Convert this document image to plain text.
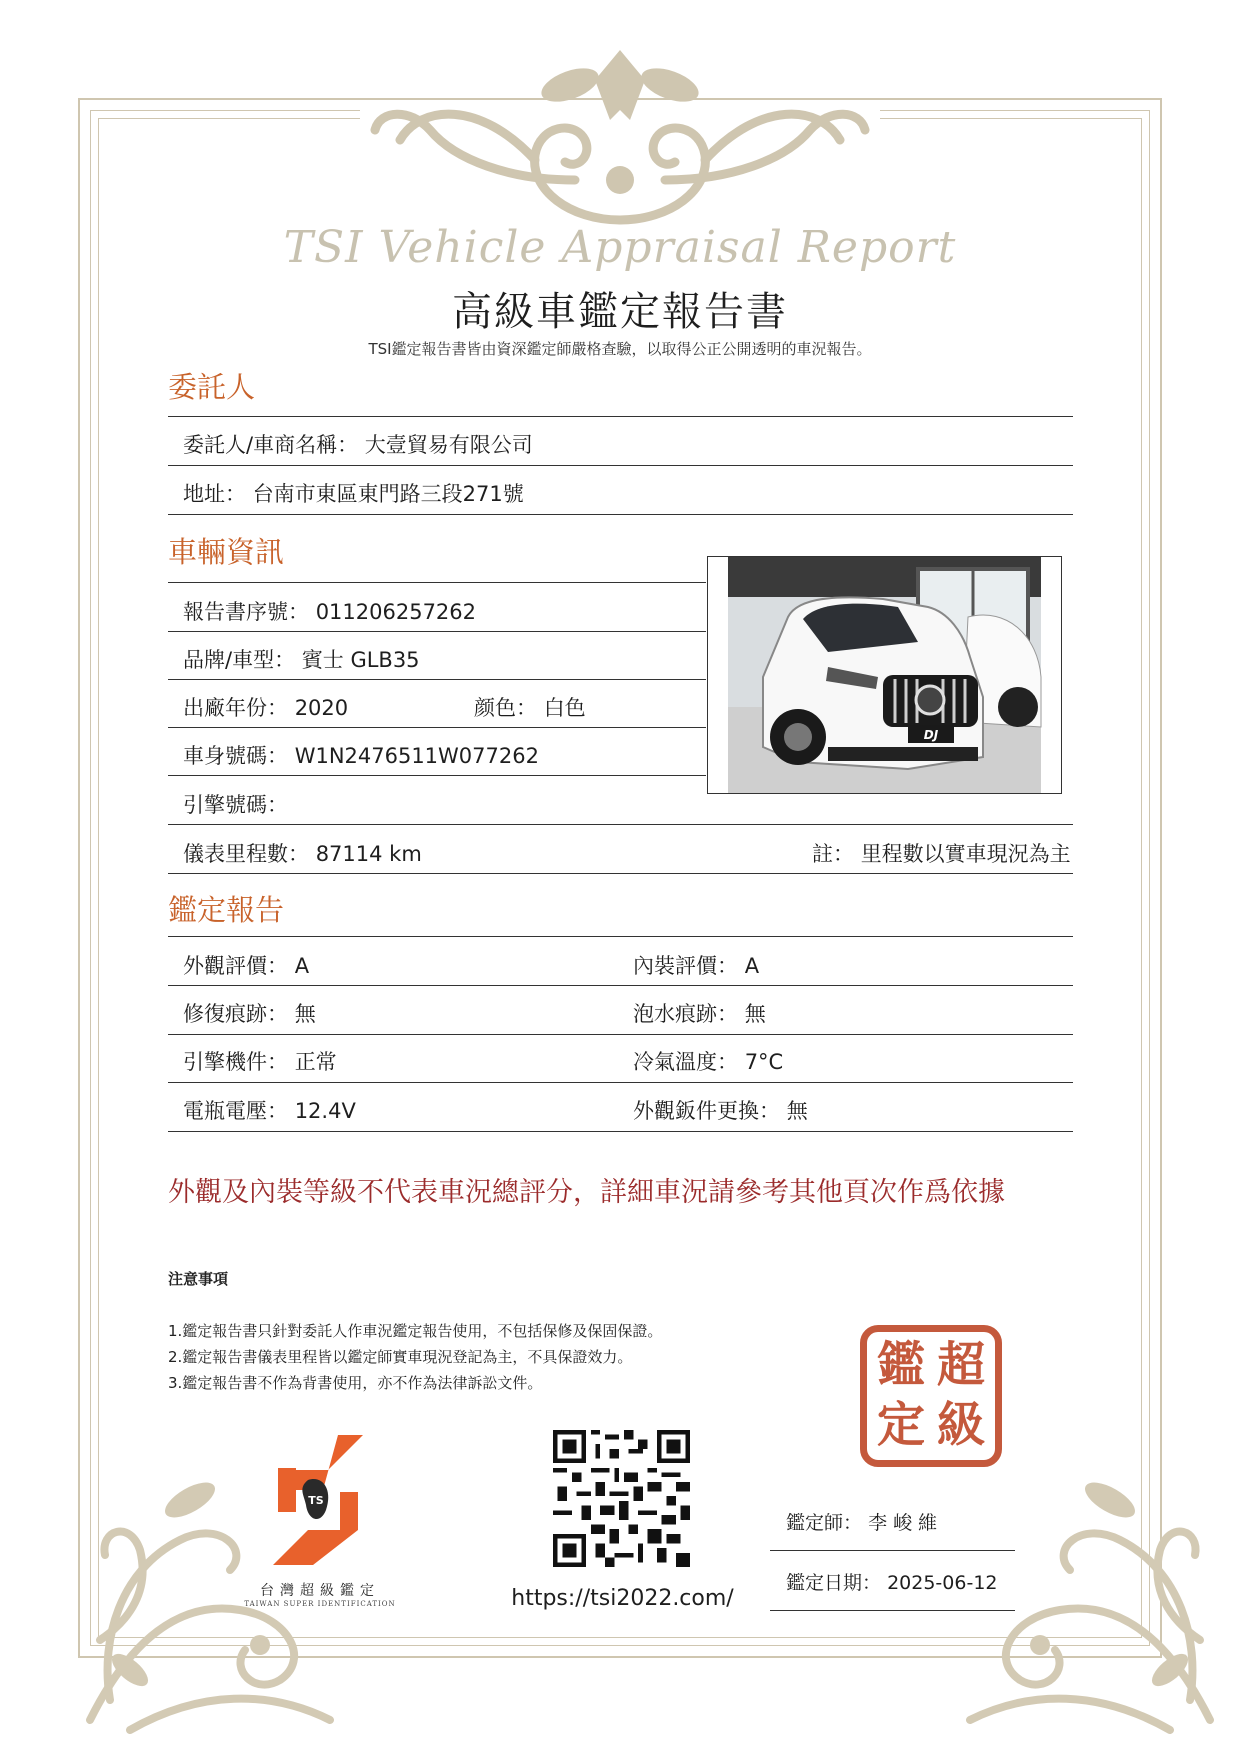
TSI Vehicle Appraisal Report
高級車鑑定報告書
TSI鑑定報告書皆由資深鑑定師嚴格查驗，以取得公正公開透明的車況報告。
委託人
委託人/車商名稱 ： 大壹貿易有限公司
地址 ： 台南市東區東門路三段271號
車輛資訊
報告書序號 ： 011206257262
品牌/車型 ： 賓士 GLB35
出廠年份 ： 2020	颜色 ： 白色
車身號碼 ： W1N2476511W077262
引擎號碼 ：
儀表里程數 ： 87114 km	註 ： 里程數以實車現況為主
DJ
鑑定報告
外觀評價 ： A	內裝評價 ： A
修復痕跡 ： 無	泡水痕跡 ： 無
引擎機件 ： 正常	冷氣溫度 ： 7°C
電瓶電壓 ： 12.4V	外觀鈑件更換 ： 無
外觀及內裝等級不代表車況總評分，詳細車況請參考其他頁次作爲依據
注意事項
1.鑑定報告書只針對委託人作車況鑑定報告使用，不包括保修及保固保證。
2.鑑定報告書儀表里程皆以鑑定師實車現況登記為主，不具保證效力。
3.鑑定報告書不作為背書使用，亦不作為法律訴訟文件。	鑑 超
定 級
TS
台灣超級鑑定
TAIWAN SUPER IDENTIFICATION	https://tsi2022.com/
鑑定師 ： 李 峻 維
鑑定日期 ： 2025-06-12
